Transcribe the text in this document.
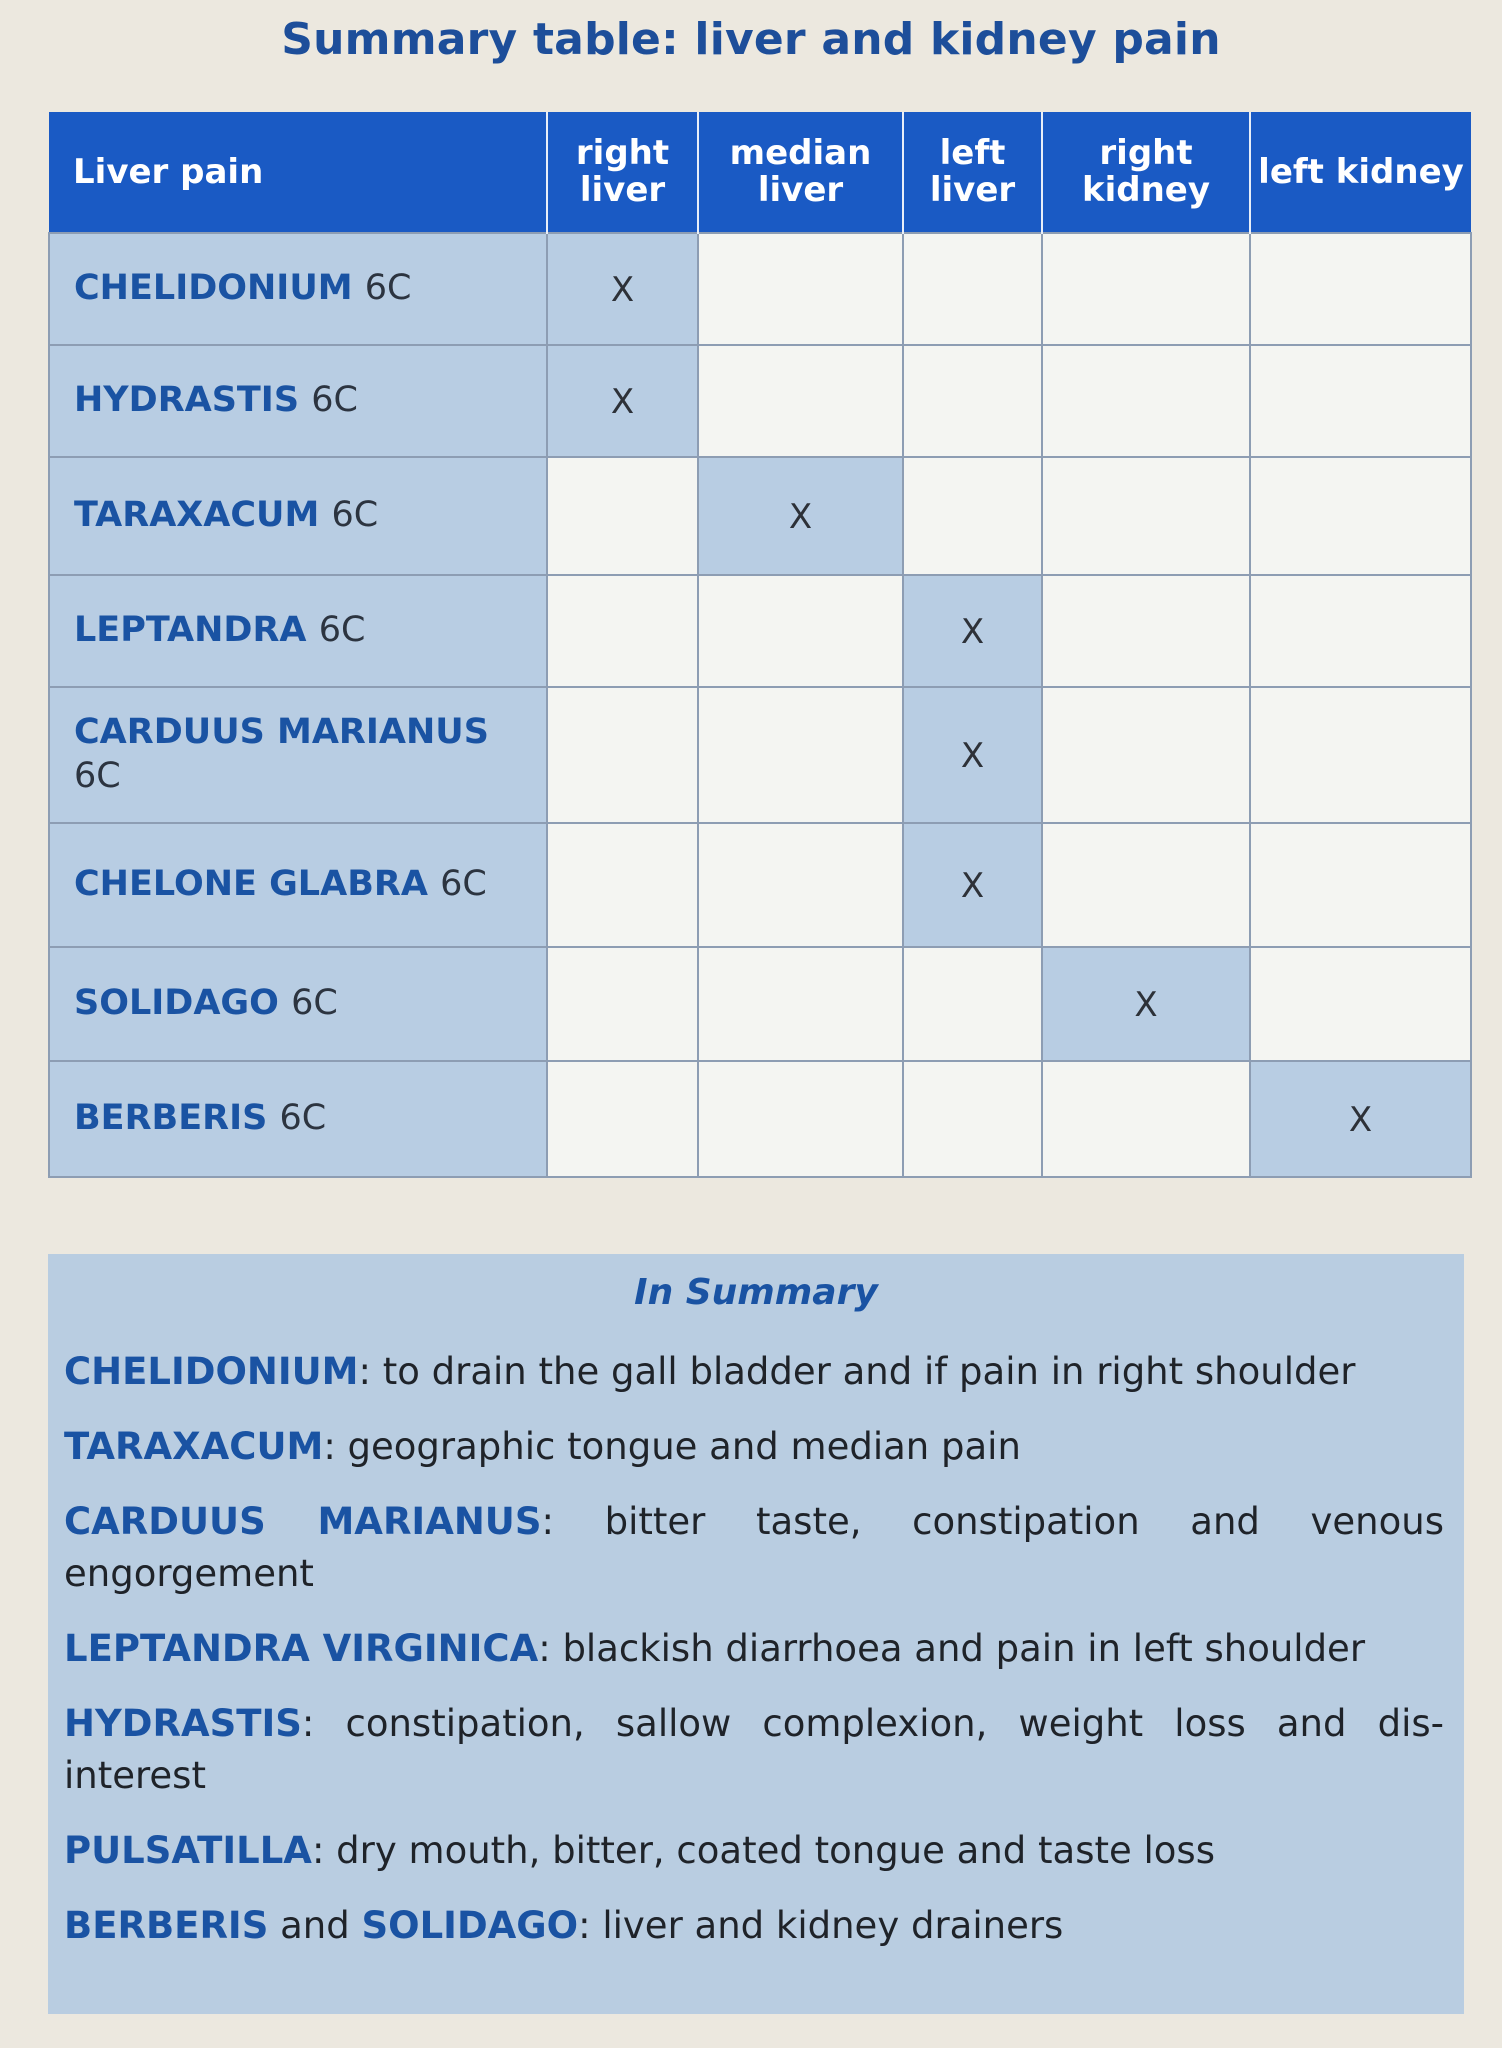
Summary table: liver and kidney pain
Liver pain	right liver	median liver	left liver	right kidney	left kidney
CHELIDONIUM 6C	X				
HYDRASTIS 6C	X				
TARAXACUM 6C		X			
LEPTANDRA 6C			X		
CARDUUS MARIANUS 6C			X		
CHELONE GLABRA 6C			X		
SOLIDAGO 6C				X	
BERBERIS 6C					X
In Summary
CHELIDONIUM: to drain the gall bladder and if pain in right shoulder
TARAXACUM: geographic tongue and median pain
CARDUUS MARIANUS: bitter taste, constipation and venous engorgement
LEPTANDRA VIRGINICA: blackish diarrhoea and pain in left shoulder
HYDRASTIS: constipation, sallow complexion, weight loss and dis-interest
PULSATILLA: dry mouth, bitter, coated tongue and taste loss
BERBERIS and SOLIDAGO: liver and kidney drainers
